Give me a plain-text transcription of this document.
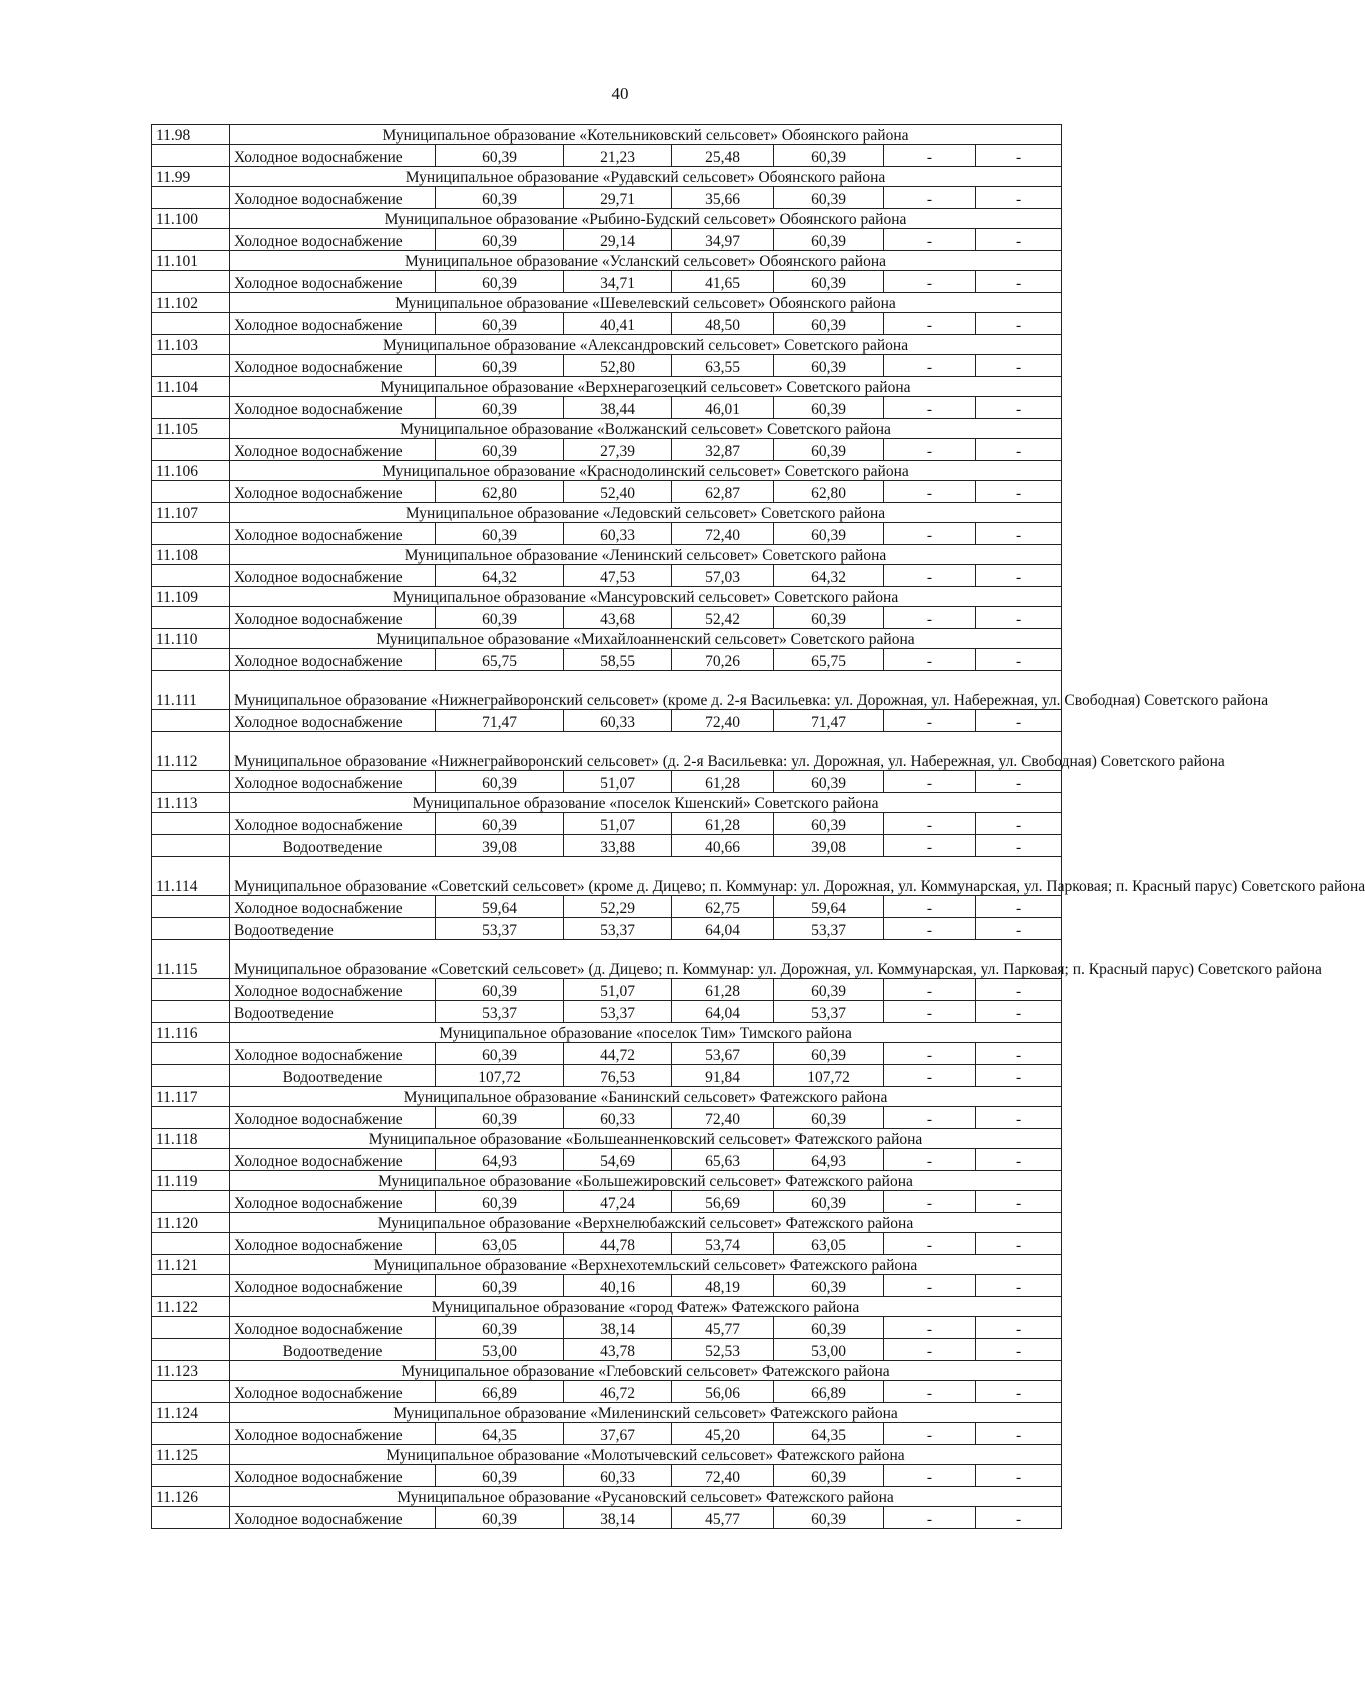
40
11.98	Муниципальное образование «Котельниковский сельсовет» Обоянского района						
	Холодное водоснабжение	60,39	21,23	25,48	60,39	-	-
11.99	Муниципальное образование «Рудавский сельсовет» Обоянского района						
	Холодное водоснабжение	60,39	29,71	35,66	60,39	-	-
11.100	Муниципальное образование «Рыбино-Будский сельсовет» Обоянского района						
	Холодное водоснабжение	60,39	29,14	34,97	60,39	-	-
11.101	Муниципальное образование «Усланский сельсовет» Обоянского района						
	Холодное водоснабжение	60,39	34,71	41,65	60,39	-	-
11.102	Муниципальное образование «Шевелевский сельсовет» Обоянского района						
	Холодное водоснабжение	60,39	40,41	48,50	60,39	-	-
11.103	Муниципальное образование «Александровский сельсовет» Советского района						
	Холодное водоснабжение	60,39	52,80	63,55	60,39	-	-
11.104	Муниципальное образование «Верхнерагозецкий сельсовет» Советского района						
	Холодное водоснабжение	60,39	38,44	46,01	60,39	-	-
11.105	Муниципальное образование «Волжанский сельсовет» Советского района						
	Холодное водоснабжение	60,39	27,39	32,87	60,39	-	-
11.106	Муниципальное образование «Краснодолинский сельсовет» Советского района						
	Холодное водоснабжение	62,80	52,40	62,87	62,80	-	-
11.107	Муниципальное образование «Ледовский сельсовет» Советского района						
	Холодное водоснабжение	60,39	60,33	72,40	60,39	-	-
11.108	Муниципальное образование «Ленинский сельсовет» Советского района						
	Холодное водоснабжение	64,32	47,53	57,03	64,32	-	-
11.109	Муниципальное образование «Мансуровский сельсовет» Советского района						
	Холодное водоснабжение	60,39	43,68	52,42	60,39	-	-
11.110	Муниципальное образование «Михайлоанненский сельсовет» Советского района						
	Холодное водоснабжение	65,75	58,55	70,26	65,75	-	-
11.111	Муниципальное образование «Нижнеграйворонский сельсовет» (кроме д. 2-я Васильевка: ул. Дорожная, ул. Набережная, ул. Свободная) Советского района						
	Холодное водоснабжение	71,47	60,33	72,40	71,47	-	-
11.112	Муниципальное образование «Нижнеграйворонский сельсовет» (д. 2-я Васильевка: ул. Дорожная, ул. Набережная, ул. Свободная) Советского района						
	Холодное водоснабжение	60,39	51,07	61,28	60,39	-	-
11.113	Муниципальное образование «поселок Кшенский» Советского района						
	Холодное водоснабжение	60,39	51,07	61,28	60,39	-	-
	Водоотведение	39,08	33,88	40,66	39,08	-	-
11.114	Муниципальное образование «Советский сельсовет» (кроме д. Дицево; п. Коммунар: ул. Дорожная, ул. Коммунарская, ул. Парковая; п. Красный парус) Советского района						
	Холодное водоснабжение	59,64	52,29	62,75	59,64	-	-
	Водоотведение	53,37	53,37	64,04	53,37	-	-
11.115	Муниципальное образование «Советский сельсовет» (д. Дицево; п. Коммунар: ул. Дорожная, ул. Коммунарская, ул. Парковая; п. Красный парус) Советского района						
	Холодное водоснабжение	60,39	51,07	61,28	60,39	-	-
	Водоотведение	53,37	53,37	64,04	53,37	-	-
11.116	Муниципальное образование «поселок Тим» Тимского района						
	Холодное водоснабжение	60,39	44,72	53,67	60,39	-	-
	Водоотведение	107,72	76,53	91,84	107,72	-	-
11.117	Муниципальное образование «Банинский сельсовет» Фатежского района						
	Холодное водоснабжение	60,39	60,33	72,40	60,39	-	-
11.118	Муниципальное образование «Большеанненковский сельсовет» Фатежского района						
	Холодное водоснабжение	64,93	54,69	65,63	64,93	-	-
11.119	Муниципальное образование «Большежировский сельсовет» Фатежского района						
	Холодное водоснабжение	60,39	47,24	56,69	60,39	-	-
11.120	Муниципальное образование «Верхнелюбажский сельсовет» Фатежского района						
	Холодное водоснабжение	63,05	44,78	53,74	63,05	-	-
11.121	Муниципальное образование «Верхнехотемльский сельсовет» Фатежского района						
	Холодное водоснабжение	60,39	40,16	48,19	60,39	-	-
11.122	Муниципальное образование «город Фатеж» Фатежского района						
	Холодное водоснабжение	60,39	38,14	45,77	60,39	-	-
	Водоотведение	53,00	43,78	52,53	53,00	-	-
11.123	Муниципальное образование «Глебовский сельсовет» Фатежского района						
	Холодное водоснабжение	66,89	46,72	56,06	66,89	-	-
11.124	Муниципальное образование «Миленинский сельсовет» Фатежского района						
	Холодное водоснабжение	64,35	37,67	45,20	64,35	-	-
11.125	Муниципальное образование «Молотычевский сельсовет» Фатежского района						
	Холодное водоснабжение	60,39	60,33	72,40	60,39	-	-
11.126	Муниципальное образование «Русановский сельсовет» Фатежского района						
	Холодное водоснабжение	60,39	38,14	45,77	60,39	-	-
